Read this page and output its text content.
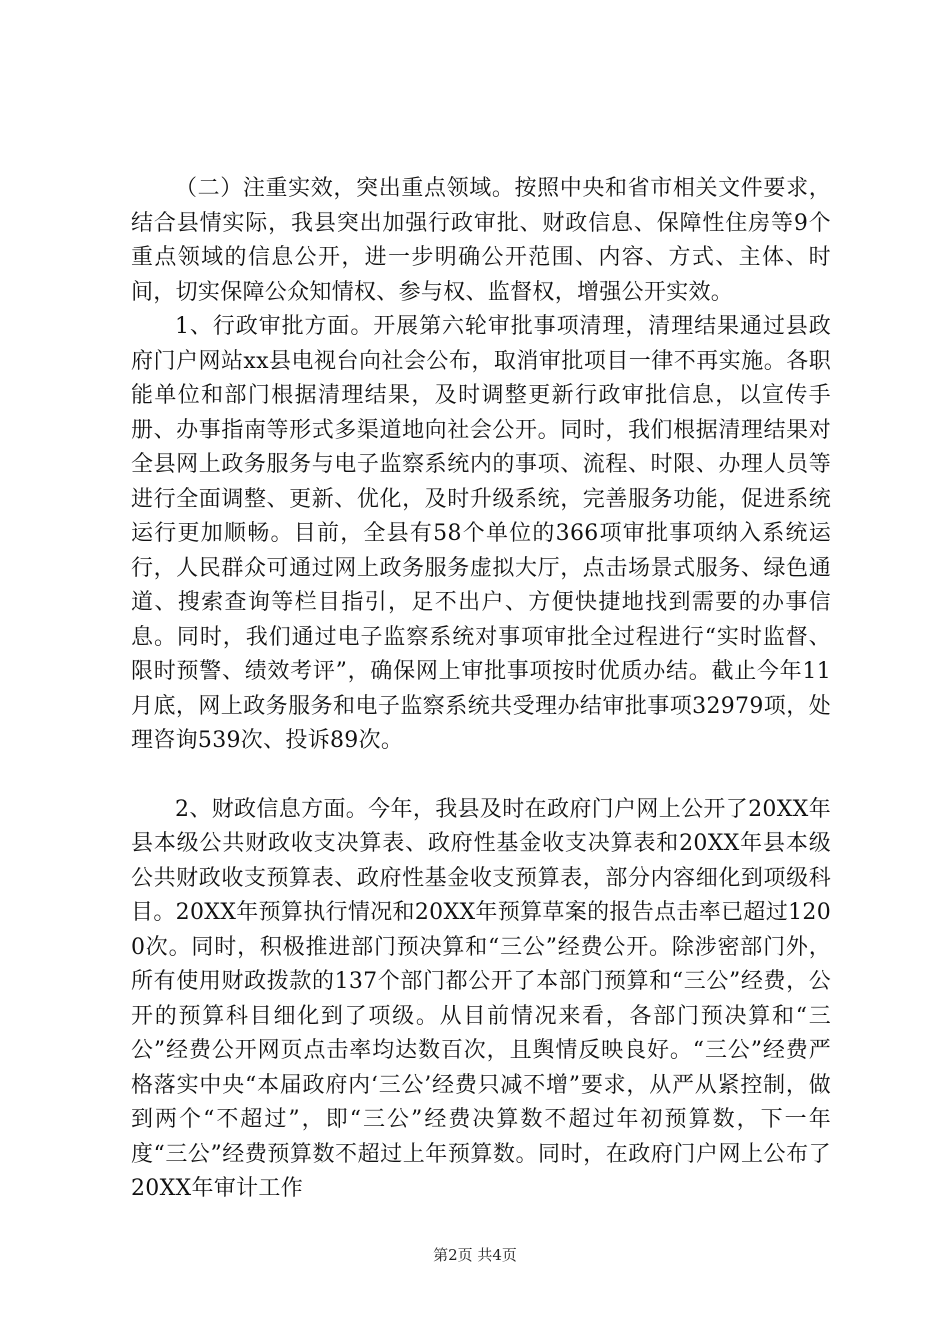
（二）注重实效，突出重点领域。按照中央和省市相关文件要求，结合县情实际，我县突出加强行政审批、财政信息、保障性住房等9个重点领域的信息公开，进一步明确公开范围、内容、方式、主体、时间，切实保障公众知情权、参与权、监督权，增强公开实效。

1、行政审批方面。开展第六轮审批事项清理，清理结果通过县政府门户网站xx县电视台向社会公布，取消审批项目一律不再实施。各职能单位和部门根据清理结果，及时调整更新行政审批信息，以宣传手册、办事指南等形式多渠道地向社会公开。同时，我们根据清理结果对全县网上政务服务与电子监察系统内的事项、流程、时限、办理人员等进行全面调整、更新、优化，及时升级系统，完善服务功能，促进系统运行更加顺畅。目前，全县有58个单位的366项审批事项纳入系统运行，人民群众可通过网上政务服务虚拟大厅，点击场景式服务、绿色通道、搜索查询等栏目指引，足不出户、方便快捷地找到需要的办事信息。同时，我们通过电子监察系统对事项审批全过程进行“实时监督、限时预警、绩效考评”，确保网上审批事项按时优质办结。截止今年11月底，网上政务服务和电子监察系统共受理办结审批事项32979项，处理咨询539次、投诉89次。

2、财政信息方面。今年，我县及时在政府门户网上公开了20XX年县本级公共财政收支决算表、政府性基金收支决算表和20XX年县本级公共财政收支预算表、政府性基金收支预算表，部分内容细化到项级科目。20XX年预算执行情况和20XX年预算草案的报告点击率已超过1200次。同时，积极推进部门预决算和“三公”经费公开。除涉密部门外，所有使用财政拨款的137个部门都公开了本部门预算和“三公”经费，公开的预算科目细化到了项级。从目前情况来看，各部门预决算和“三公”经费公开网页点击率均达数百次，且舆情反映良好。“三公”经费严格落实中央“本届政府内‘三公’经费只减不增”要求，从严从紧控制，做到两个“不超过”，即“三公”经费决算数不超过年初预算数，下一年度“三公”经费预算数不超过上年预算数。同时，在政府门户网上公布了20XX年审计工作

第2页 共4页
